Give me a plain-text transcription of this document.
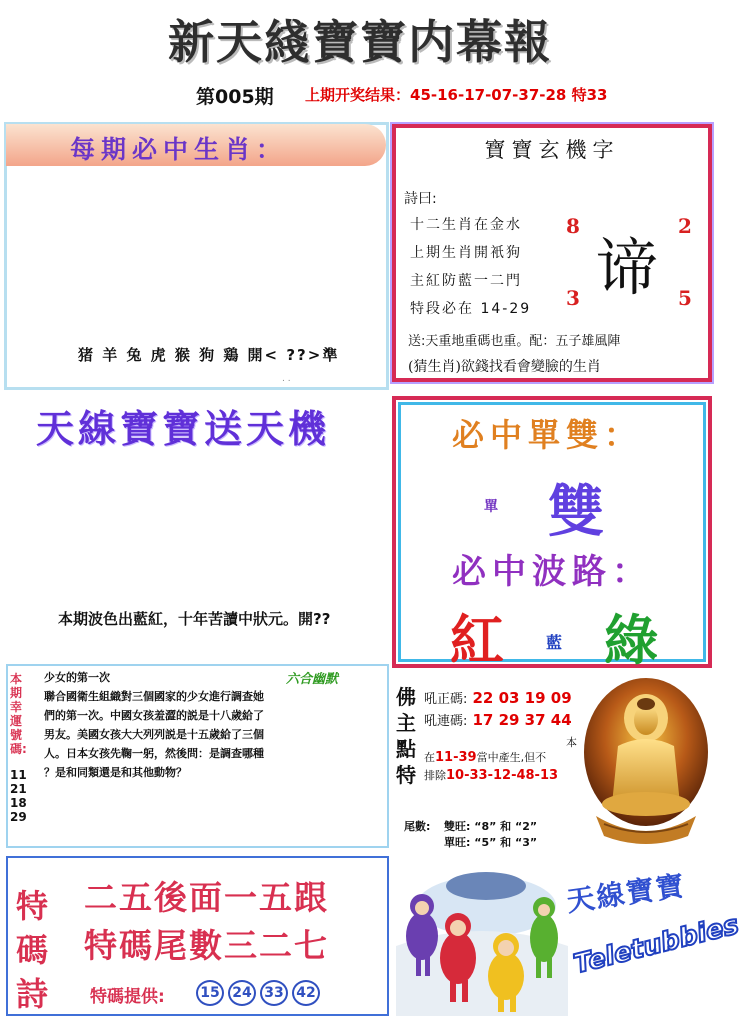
新天綫寶寶内幕報
第005期 上期开奖结果：45-16-17-07-37-28 特33
每期必中生肖：
猪 羊 兔 虎 猴 狗 鶏 開< ??>準
. .
寶寶玄機字
詩曰:
十二生肖在金水
上期生肖開衹狗
主紅防藍一二門
特段必在 14-29
8	2
3	5
谛
送:天重地重碼也重。配：五子雄風陣
(猜生肖)欲錢找看會變臉的生肖
天線寶寶送天機
本期波色出藍紅，十年苦讀中狀元。開??
必中單雙：
單 雙
必中波路：
紅	藍 綠
本期幸運號碼:
11 21 18 29
少女的第一次
聯合國衛生組織對三個國家的少女進行調查她
們的第一次。中國女孩羞澀的説是十八歲給了
男友。美國女孩大大列列説是十五歲給了三個
人。日本女孩先鞠一躬，然後問：是調查哪種
？是和同類還是和其他動物？
六合幽默
佛主點特
吼正碼: 22 03 19 09
吼連碼: 17 29 37 44
在11-39當中產生,但不
排除10-33-12-48-13
本
尾數: 雙旺: “8” 和 “2”
單旺: “5” 和 “3”
特碼詩
二五後面一五跟
特碼尾數三二七
特碼提供:	15 24 33 42
天線寶寶
Teletubbies
